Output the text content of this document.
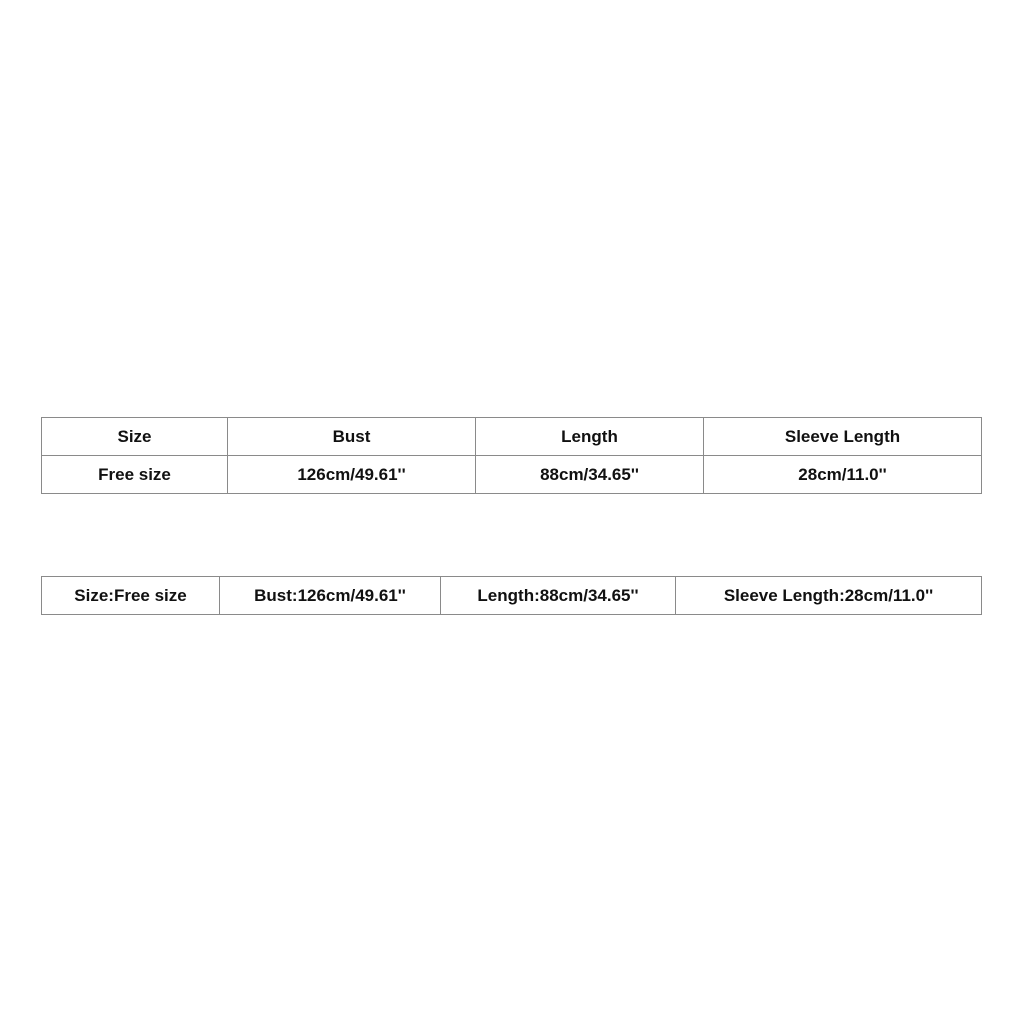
Size	Bust	Length	Sleeve Length
Free size	126cm/49.61''	88cm/34.65''	28cm/11.0''
Size:Free size	Bust:126cm/49.61''	Length:88cm/34.65''	Sleeve Length:28cm/11.0''
